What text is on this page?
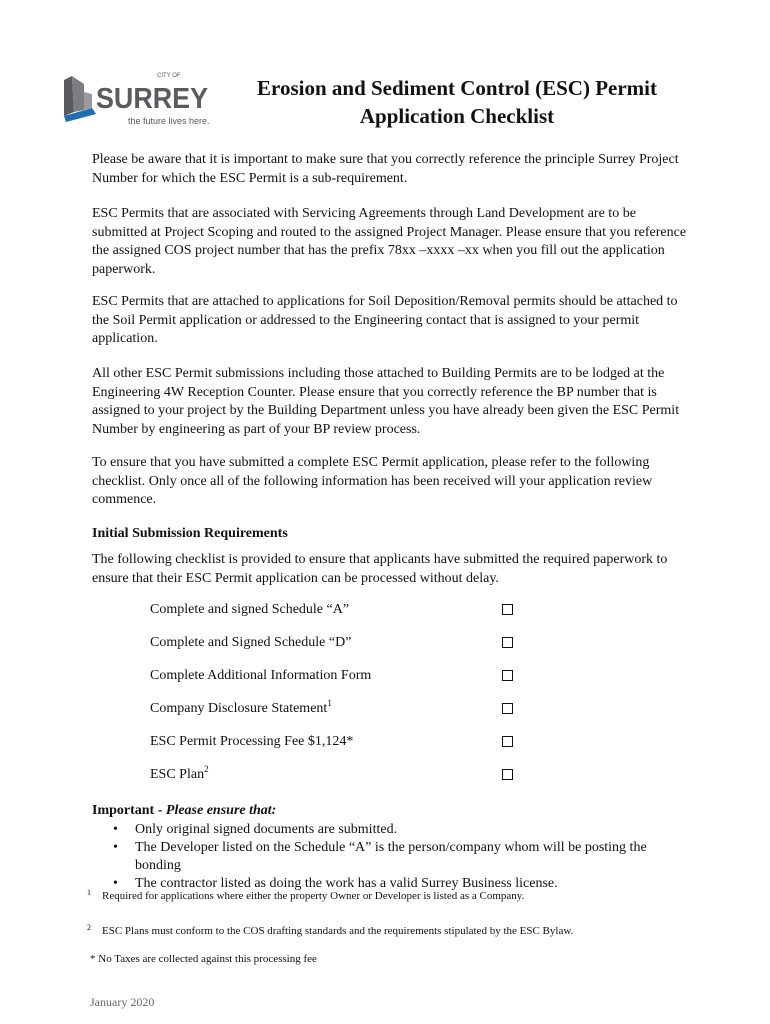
CITY OF
SURREY
the future lives here.
Erosion and Sediment Control (ESC) Permit
Application Checklist

Please be aware that it is important to make sure that you correctly reference the principle Surrey Project Number for which the ESC Permit is a sub-requirement.

ESC Permits that are associated with Servicing Agreements through Land Development are to be submitted at Project Scoping and routed to the assigned Project Manager. Please ensure that you reference the assigned COS project number that has the prefix 78xx –xxxx –xx when you fill out the application paperwork.

ESC Permits that are attached to applications for Soil Deposition/Removal permits should be attached to the Soil Permit application or addressed to the Engineering contact that is assigned to your permit application.

All other ESC Permit submissions including those attached to Building Permits are to be lodged at the Engineering 4W Reception Counter. Please ensure that you correctly reference the BP number that is assigned to your project by the Building Department unless you have already been given the ESC Permit Number by engineering as part of your BP review process.

To ensure that you have submitted a complete ESC Permit application, please refer to the following checklist. Only once all of the following information has been received will your application review commence.

Initial Submission Requirements

The following checklist is provided to ensure that applicants have submitted the required paperwork to ensure that their ESC Permit application can be processed without delay.

Complete and signed Schedule “A”
Complete and Signed Schedule “D”
Complete Additional Information Form
Company Disclosure Statement$^1$
ESC Permit Processing Fee $1,124*
ESC Plan$^2$

Important - Please ensure that:

• Only original signed documents are submitted.
• The Developer listed on the Schedule “A” is the person/company whom will be posting the bonding
• The contractor listed as doing the work has a valid Surrey Business license.
1 Required for applications where either the property Owner or Developer is listed as a Company.
2 ESC Plans must conform to the COS drafting standards and the requirements stipulated by the ESC Bylaw.
* No Taxes are collected against this processing fee
January 2020
